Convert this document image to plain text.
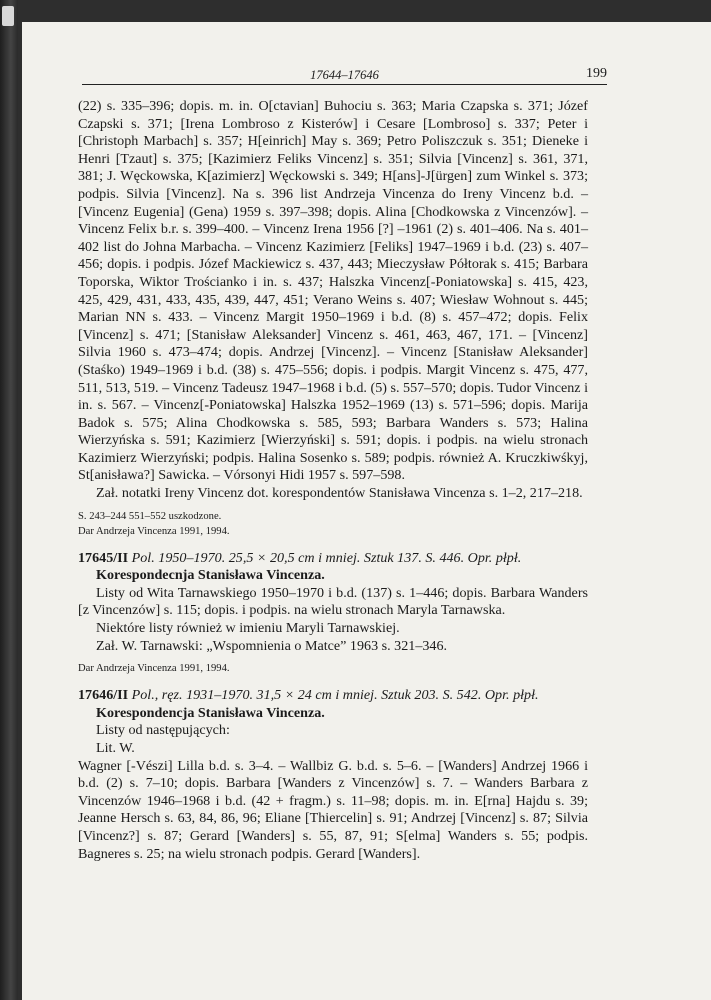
17644–17646	199

(22) s. 335–396; dopis. m. in. O[ctavian] Buhociu s. 363; Maria Czapska s. 371; Józef Czapski s. 371; [Irena Lombroso z Kisterów] i Cesare [Lombroso] s. 337; Peter i [Christoph Marbach] s. 357; H[einrich] May s. 369; Petro Poliszczuk s. 351; Dieneke i Henri [Tzaut] s. 375; [Kazimierz Feliks Vincenz] s. 351; Silvia [Vincenz] s. 361, 371, 381; J. Węckowska, K[azimierz] Węckowski s. 349; H[ans]-J[ürgen] zum Winkel s. 373; podpis. Silvia [Vincenz]. Na s. 396 list Andrzeja Vincenza do Ireny Vincenz b.d. – [Vincenz Eugenia] (Gena) 1959 s. 397–398; dopis. Alina [Chodkowska z Vincenzów]. – Vincenz Felix b.r. s. 399–400. – Vincenz Irena 1956 [?] –1961 (2) s. 401–406. Na s. 401–402 list do Johna Marbacha. – Vincenz Kazimierz [Feliks] 1947–1969 i b.d. (23) s. 407–456; dopis. i podpis. Józef Mackiewicz s. 437, 443; Mieczysław Półtorak s. 415; Barbara Toporska, Wiktor Trościanko i in. s. 437; Halszka Vincenz[-Poniatowska] s. 415, 423, 425, 429, 431, 433, 435, 439, 447, 451; Verano Weins s. 407; Wiesław Wohnout s. 445; Marian NN s. 433. – Vincenz Margit 1950–1969 i b.d. (8) s. 457–472; dopis. Felix [Vincenz] s. 471; [Stanisław Aleksander] Vincenz s. 461, 463, 467, 171. – [Vincenz] Silvia 1960 s. 473–474; dopis. Andrzej [Vincenz]. – Vincenz [Stanisław Aleksander] (Staśko) 1949–1969 i b.d. (38) s. 475–556; dopis. i podpis. Margit Vincenz s. 475, 477, 511, 513, 519. – Vincenz Tadeusz 1947–1968 i b.d. (5) s. 557–570; dopis. Tudor Vincenz i in. s. 567. – Vincenz[-Poniatowska] Halszka 1952–1969 (13) s. 571–596; dopis. Marija Badok s. 575; Alina Chodkowska s. 585, 593; Barbara Wanders s. 573; Halina Wierzyńska s. 591; Kazimierz [Wierzyński] s. 591; dopis. i podpis. na wielu stronach Kazimierz Wierzyński; podpis. Halina Sosenko s. 589; podpis. również A. Kruczkiwśkyj, St[anisława?] Sawicka. – Vórsonyi Hidi 1957 s. 597–598.

Zał. notatki Ireny Vincenz dot. korespondentów Stanisława Vincenza s. 1–2, 217–218.

S. 243–244 551–552 uszkodzone.

Dar Andrzeja Vincenza 1991, 1994.

17645/II Pol. 1950–1970. 25,5 × 20,5 cm i mniej. Sztuk 137. S. 446. Opr. płpł.

Korespondecnja Stanisława Vincenza.

Listy od Wita Tarnawskiego 1950–1970 i b.d. (137) s. 1–446; dopis. Barbara Wanders [z Vincenzów] s. 115; dopis. i podpis. na wielu stronach Maryla Tarnawska.

Niektóre listy również w imieniu Maryli Tarnawskiej.

Zał. W. Tarnawski: „Wspomnienia o Matce” 1963 s. 321–346.

Dar Andrzeja Vincenza 1991, 1994.

17646/II Pol., ręz. 1931–1970. 31,5 × 24 cm i mniej. Sztuk 203. S. 542. Opr. płpł.

Korespondencja Stanisława Vincenza.

Listy od następujących:

Lit. W.

Wagner [-Vészi] Lilla b.d. s. 3–4. – Wallbiz G. b.d. s. 5–6. – [Wanders] Andrzej 1966 i b.d. (2) s. 7–10; dopis. Barbara [Wanders z Vincenzów] s. 7. – Wanders Barbara z Vincenzów 1946–1968 i b.d. (42 + fragm.) s. 11–98; dopis. m. in. E[rna] Hajdu s. 39; Jeanne Hersch s. 63, 84, 86, 96; Eliane [Thiercelin] s. 91; Andrzej [Vincenz] s. 87; Silvia [Vincenz?] s. 87; Gerard [Wanders] s. 55, 87, 91; S[elma] Wanders s. 55; podpis. Bagneres s. 25; na wielu stronach podpis. Gerard [Wanders].
